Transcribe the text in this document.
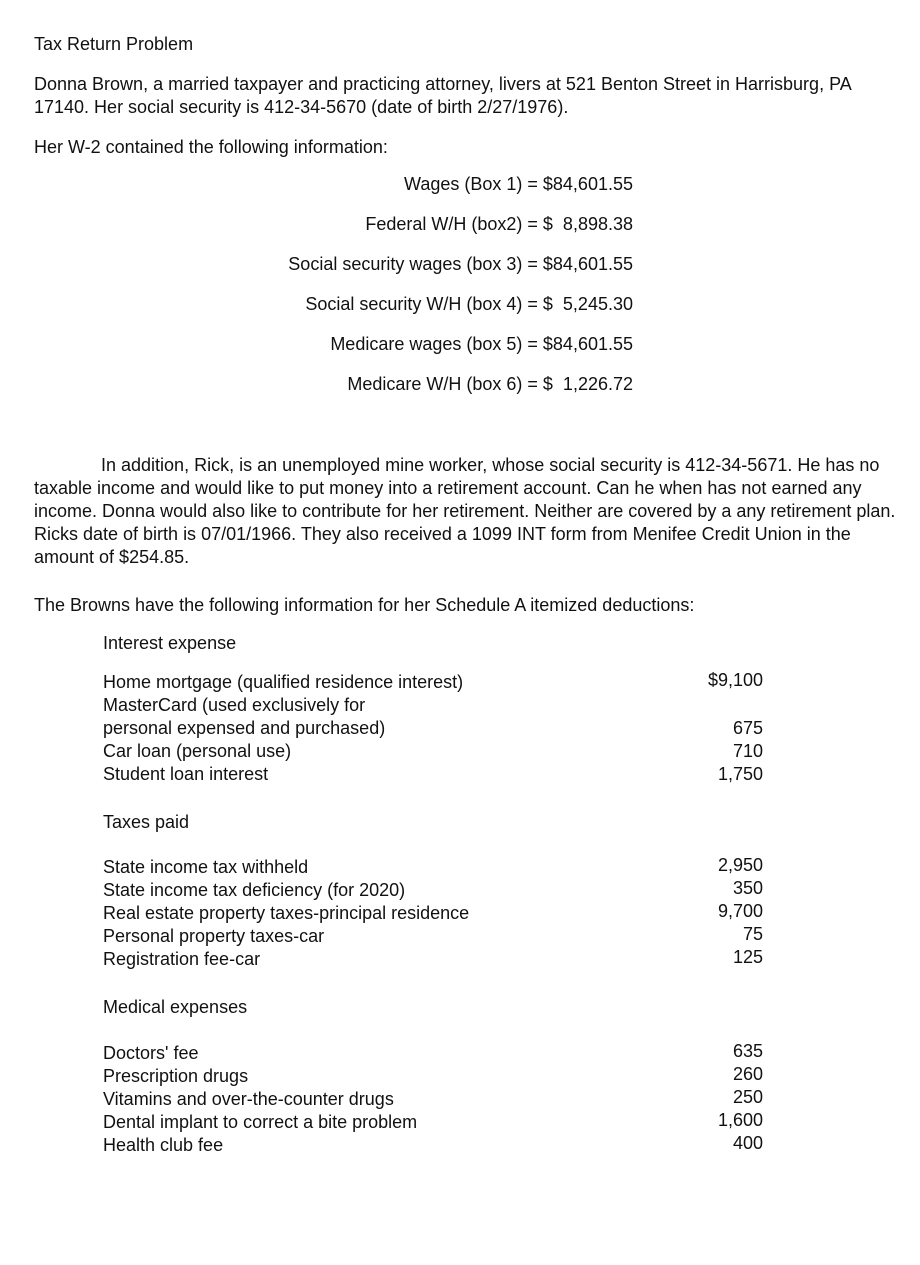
Tax Return Problem

Donna Brown, a married taxpayer and practicing attorney, livers at 521 Benton Street in Harrisburg, PA 17140. Her social security is 412-34-5670 (date of birth 2/27/1976).

Her W-2 contained the following information:

Wages (Box 1) = $84,601.55
Federal W/H (box2) = $  8,898.38
Social security wages (box 3) = $84,601.55
Social security W/H (box 4) = $  5,245.30
Medicare wages (box 5) = $84,601.55
Medicare W/H (box 6) = $  1,226.72

In addition, Rick, is an unemployed mine worker, whose social security is 412-34-5671. He has no taxable income and would like to put money into a retirement account. Can he when has not earned any income. Donna would also like to contribute for her retirement. Neither are covered by a any retirement plan. Ricks date of birth is 07/01/1966. They also received a 1099 INT form from Menifee Credit Union in the amount of $254.85.

The Browns have the following information for her Schedule A itemized deductions:

Interest expense
Home mortgage (qualified residence interest)	$9,100
MasterCard (used exclusively for
personal expensed and purchased)	675
Car loan (personal use)	710
Student loan interest	1,750
Taxes paid
State income tax withheld	2,950
State income tax deficiency (for 2020)	350
Real estate property taxes-principal residence	9,700
Personal property taxes-car	75
Registration fee-car	125
Medical expenses
Doctors' fee	635
Prescription drugs	260
Vitamins and over-the-counter drugs	250
Dental implant to correct a bite problem	1,600
Health club fee	400
